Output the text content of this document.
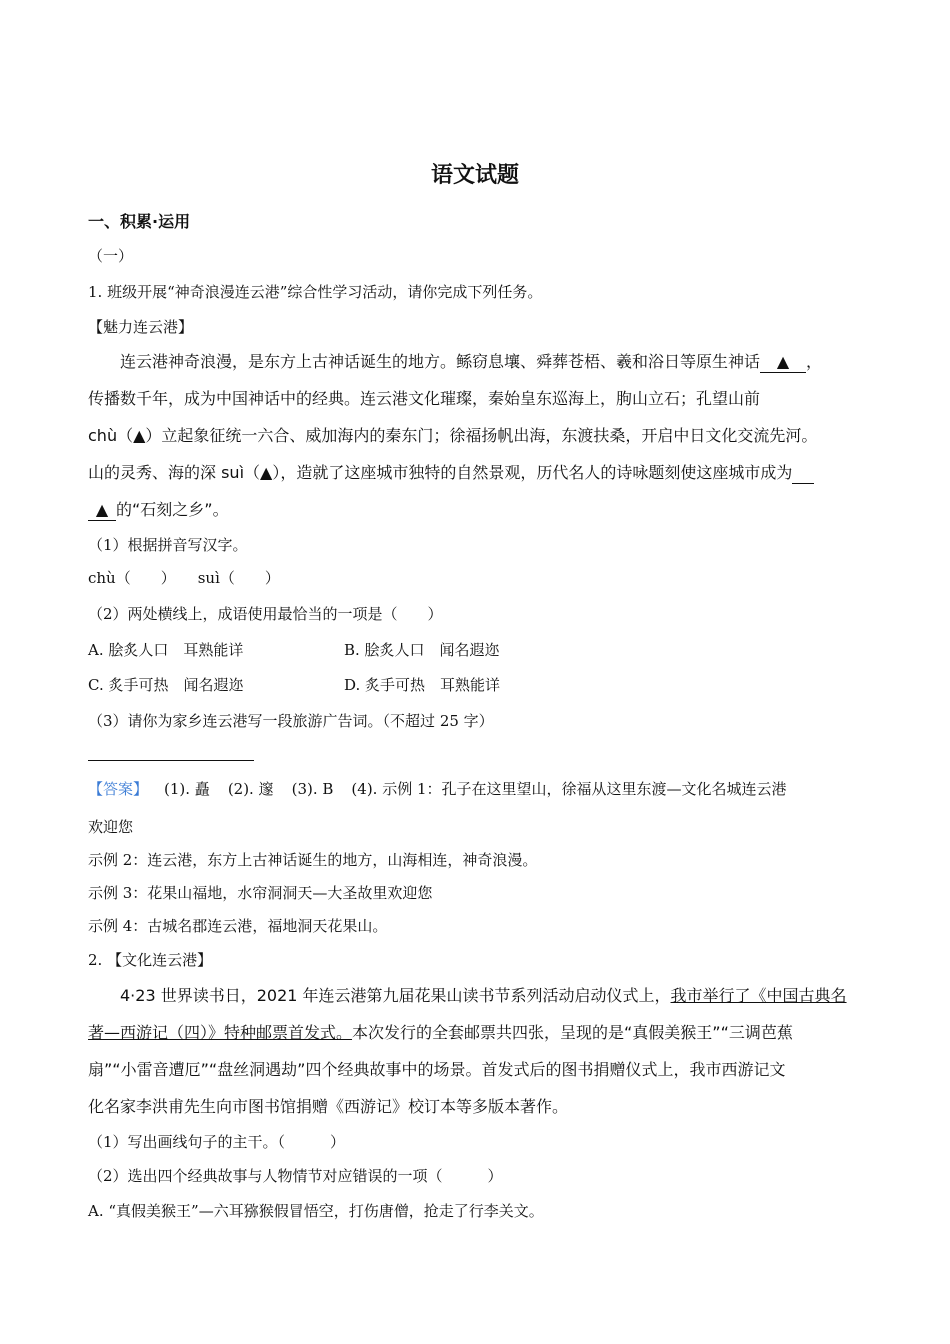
语文试题
一、积累·运用
（一）
1. 班级开展“神奇浪漫连云港”综合性学习活动，请你完成下列任务。
【魅力连云港】
连云港神奇浪漫，是东方上古神话诞生的地方。鲧窃息壤、舜葬苍梧、羲和浴日等原生神话 ▲ ，
传播数千年，成为中国神话中的经典。连云港文化璀璨，秦始皇东巡海上，朐山立石；孔望山前
chù（▲）立起象征统一六合、威加海内的秦东门；徐福扬帆出海，东渡扶桑，开启中日文化交流先河。
山的灵秀、海的深 suì（▲），造就了这座城市独特的自然景观，历代名人的诗咏题刻使这座城市成为
▲ 的“石刻之乡”。
（1）根据拼音写汉字。
chù（　　） suì（　　）
（2）两处横线上，成语使用最恰当的一项是（　　）
A. 脍炙人口　耳熟能详	B. 脍炙人口　闻名遐迩
C. 炙手可热　闻名遐迩	D. 炙手可热　耳熟能详
（3）请你为家乡连云港写一段旅游广告词。（不超过 25 字）
【答案】 (1). 矗 (2). 邃 (3). B (4). 示例 1：孔子在这里望山，徐福从这里东渡—文化名城连云港
欢迎您
示例 2：连云港，东方上古神话诞生的地方，山海相连，神奇浪漫。
示例 3：花果山福地，水帘洞洞天—大圣故里欢迎您
示例 4：古城名郡连云港，福地洞天花果山。
2. 【文化连云港】
4·23 世界读书日，2021 年连云港第九届花果山读书节系列活动启动仪式上，我市举行了《中国古典名
著—西游记（四）》特种邮票首发式。本次发行的全套邮票共四张，呈现的是“真假美猴王”“三调芭蕉
扇”“小雷音遭厄”“盘丝洞遇劫”四个经典故事中的场景。首发式后的图书捐赠仪式上，我市西游记文
化名家李洪甫先生向市图书馆捐赠《西游记》校订本等多版本著作。
（1）写出画线句子的主干。（　　　）
（2）选出四个经典故事与人物情节对应错误的一项（　　　）
A. “真假美猴王”—六耳猕猴假冒悟空，打伤唐僧，抢走了行李关文。
